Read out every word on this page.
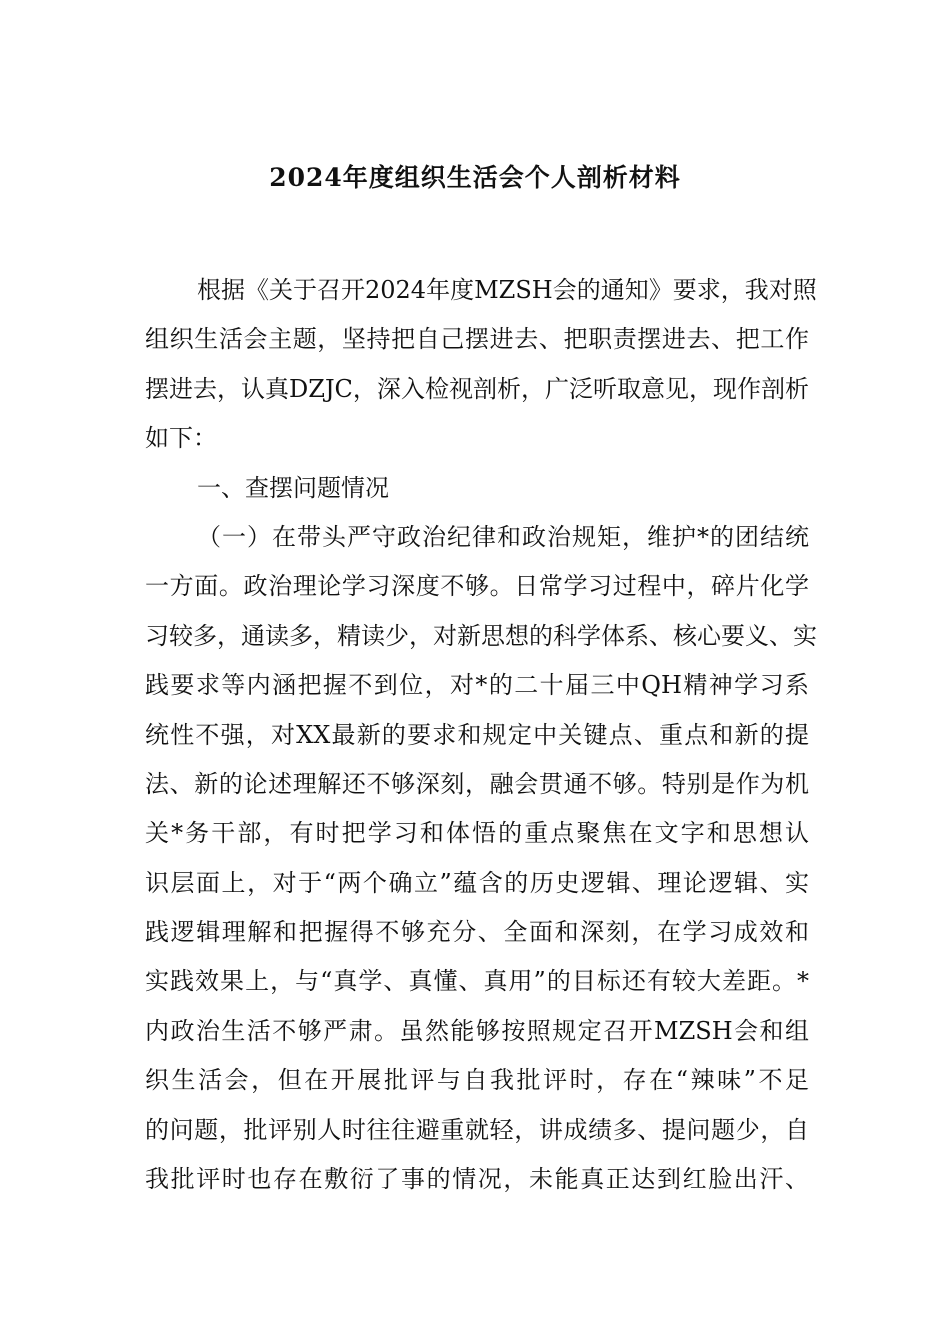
2024年度组织生活会个人剖析材料
根据《关于召开2024年度MZSH会的通知》要求，我对照
组织生活会主题，坚持把自己摆进去、把职责摆进去、把工作
摆进去，认真DZJC，深入检视剖析，广泛听取意见，现作剖析
如下：
一、查摆问题情况
（一）在带头严守政治纪律和政治规矩，维护*的团结统
一方面。政治理论学习深度不够。日常学习过程中，碎片化学
习较多，通读多，精读少，对新思想的科学体系、核心要义、实
践要求等内涵把握不到位，对*的二十届三中QH精神学习系
统性不强，对XX最新的要求和规定中关键点、重点和新的提
法、新的论述理解还不够深刻，融会贯通不够。特别是作为机
关*务干部，有时把学习和体悟的重点聚焦在文字和思想认
识层面上，对于“两个确立”蕴含的历史逻辑、理论逻辑、实
践逻辑理解和把握得不够充分、全面和深刻，在学习成效和
实践效果上，与“真学、真懂、真用”的目标还有较大差距。*
内政治生活不够严肃。虽然能够按照规定召开MZSH会和组
织生活会，但在开展批评与自我批评时，存在“辣味”不足
的问题，批评别人时往往避重就轻，讲成绩多、提问题少，自
我批评时也存在敷衍了事的情况，未能真正达到红脸出汗、
